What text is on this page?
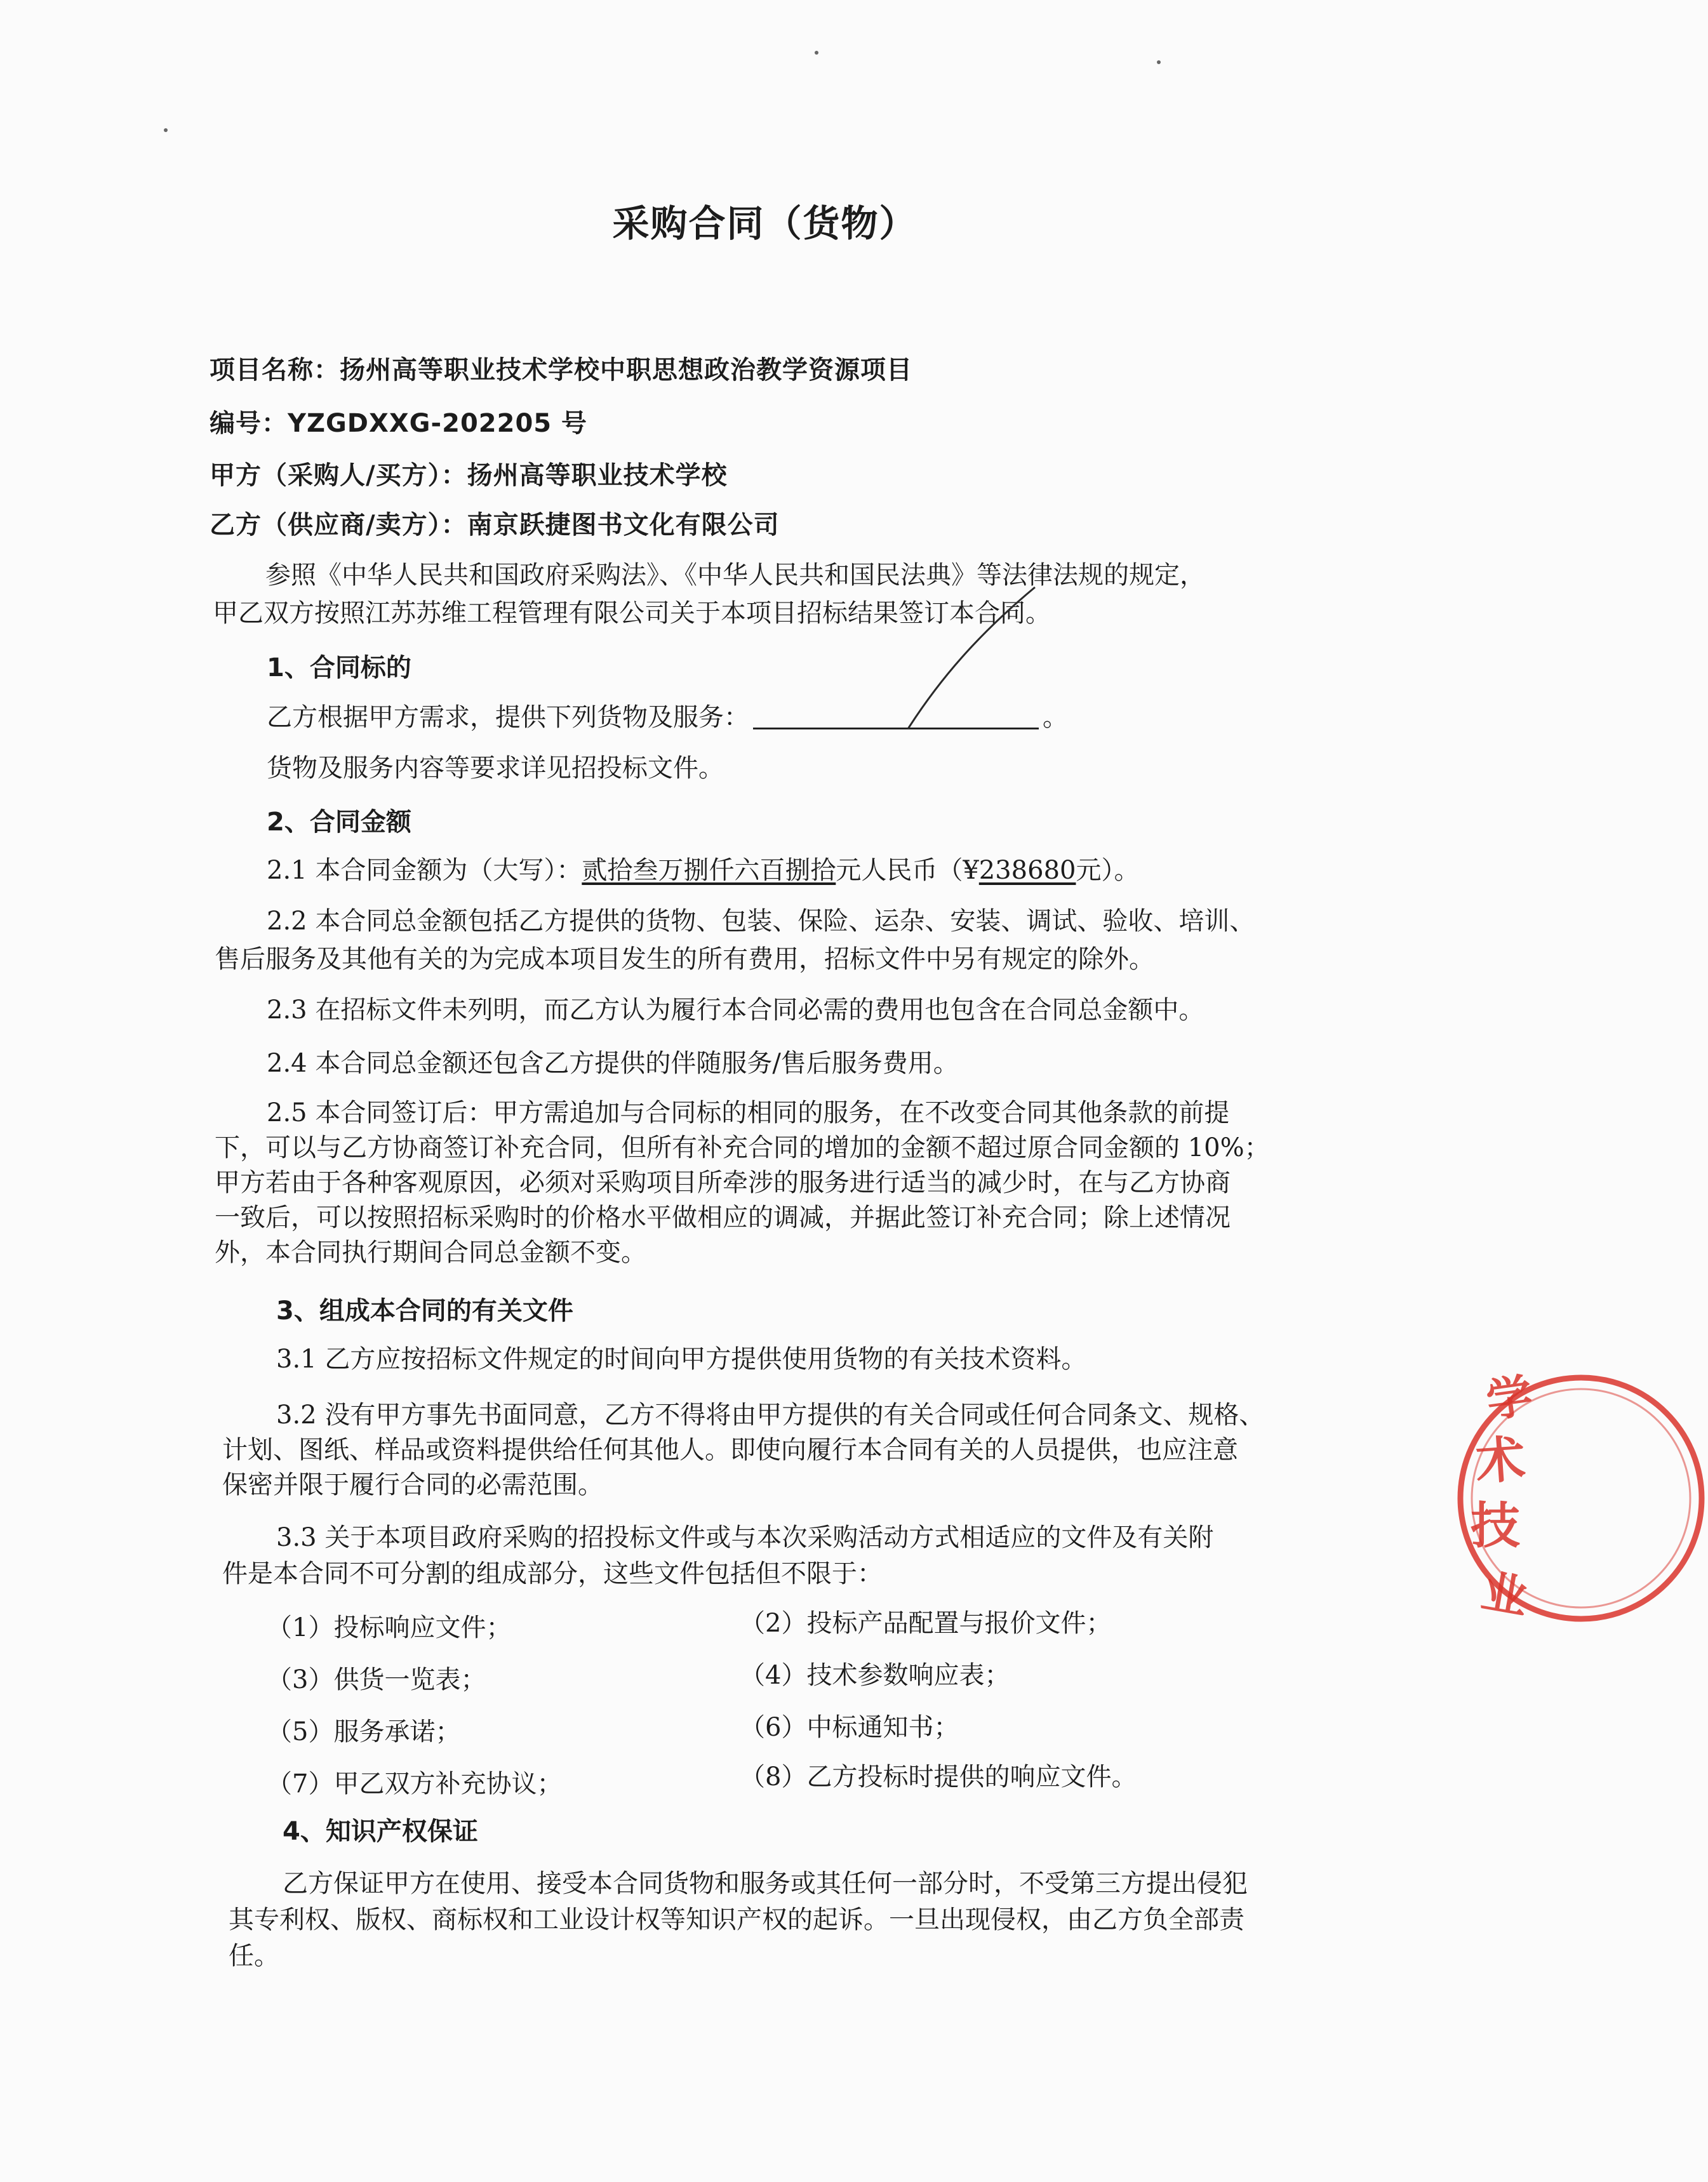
采购合同（货物）
项目名称：扬州高等职业技术学校中职思想政治教学资源项目
编号：YZGDXXG-202205 号
甲方（采购人/买方）：扬州高等职业技术学校
乙方（供应商/卖方）：南京跃捷图书文化有限公司
参照《中华人民共和国政府采购法》、《中华人民共和国民法典》等法律法规的规定，
甲乙双方按照江苏苏维工程管理有限公司关于本项目招标结果签订本合同。
1、合同标的
乙方根据甲方需求，提供下列货物及服务：	。
货物及服务内容等要求详见招投标文件。
2、合同金额
2.1 本合同金额为（大写）：贰拾叁万捌仟六百捌拾元人民币（¥238680元）。
2.2 本合同总金额包括乙方提供的货物、包装、保险、运杂、安装、调试、验收、培训、
售后服务及其他有关的为完成本项目发生的所有费用，招标文件中另有规定的除外。
2.3 在招标文件未列明，而乙方认为履行本合同必需的费用也包含在合同总金额中。
2.4 本合同总金额还包含乙方提供的伴随服务/售后服务费用。
2.5 本合同签订后：甲方需追加与合同标的相同的服务，在不改变合同其他条款的前提
下，可以与乙方协商签订补充合同，但所有补充合同的增加的金额不超过原合同金额的 10%；
甲方若由于各种客观原因，必须对采购项目所牵涉的服务进行适当的减少时，在与乙方协商
一致后，可以按照招标采购时的价格水平做相应的调减，并据此签订补充合同；除上述情况
外，本合同执行期间合同总金额不变。
3、组成本合同的有关文件
3.1 乙方应按招标文件规定的时间向甲方提供使用货物的有关技术资料。
3.2 没有甲方事先书面同意，乙方不得将由甲方提供的有关合同或任何合同条文、规格、
计划、图纸、样品或资料提供给任何其他人。即使向履行本合同有关的人员提供，也应注意
保密并限于履行合同的必需范围。
3.3 关于本项目政府采购的招投标文件或与本次采购活动方式相适应的文件及有关附
件是本合同不可分割的组成部分，这些文件包括但不限于：
（1）投标响应文件；	（2）投标产品配置与报价文件；
（3）供货一览表；	（4）技术参数响应表；
（5）服务承诺；	（6）中标通知书；
（7）甲乙双方补充协议；	（8）乙方投标时提供的响应文件。
4、知识产权保证
乙方保证甲方在使用、接受本合同货物和服务或其任何一部分时，不受第三方提出侵犯
其专利权、版权、商标权和工业设计权等知识产权的起诉。一旦出现侵权，由乙方负全部责
任。
学
术
技
业
